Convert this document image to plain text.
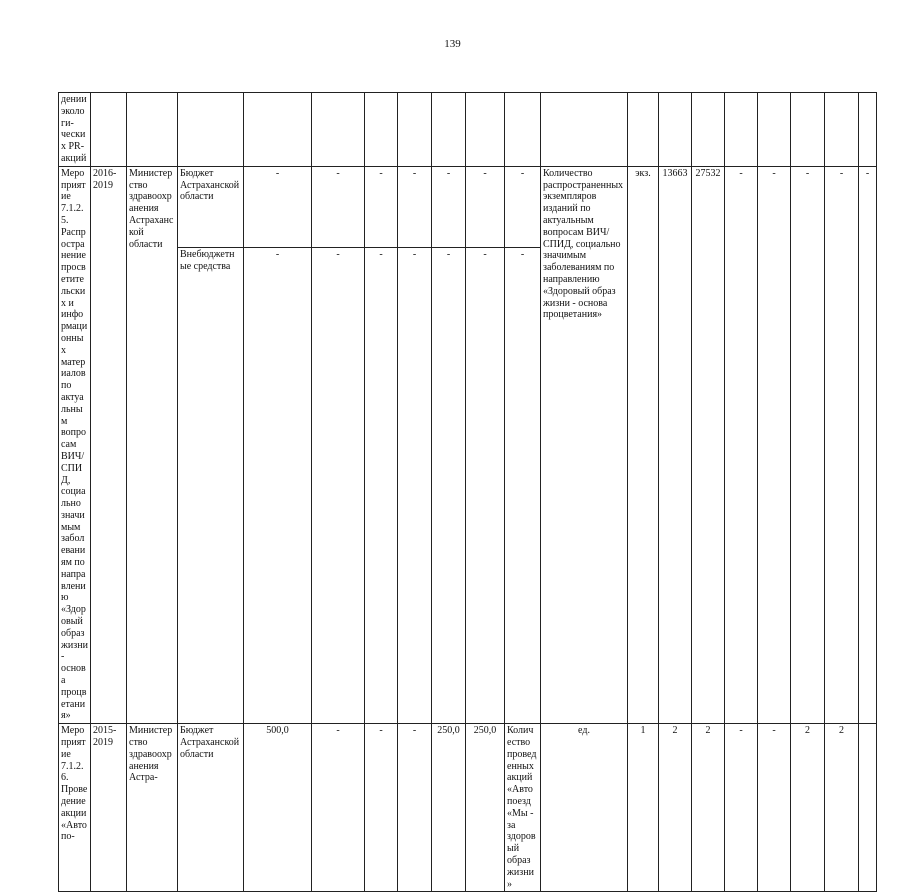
139
дении экологи-ческих PR-акций																			
Мероприятие 7.1.2.5. Распространение просветительских и информационных материалов по актуальным вопросам ВИЧ/ СПИД, социально значимым заболеваниям по направлению «Здоровый образ жизни - основа процветания»	2016-2019	Министерство здравоохранения Астраханской области	Бюджет Астраханской области	-	-	-	-	-	-	-	Количество распространенных экземпляров изданий по актуальным вопросам ВИЧ/ СПИД, социально значимым заболеваниям по направлению «Здоровый образ жизни - основа процветания»	экз.	13663	27532	-	-	-	-	-
			Внебюджетные средства	-	-	-	-	-	-	-									
Мероприятие 7.1.2.6. Проведение акции «Автопо-	2015-2019	Министерство здравоохранения Астра-	Бюджет Астраханской области	500,0	-	-	-	250,0	250,0	Количество проведенных акций «Автопоезд «Мы - за здоровый образ жизни»	ед.	1	2	2	-	-	2	2	
